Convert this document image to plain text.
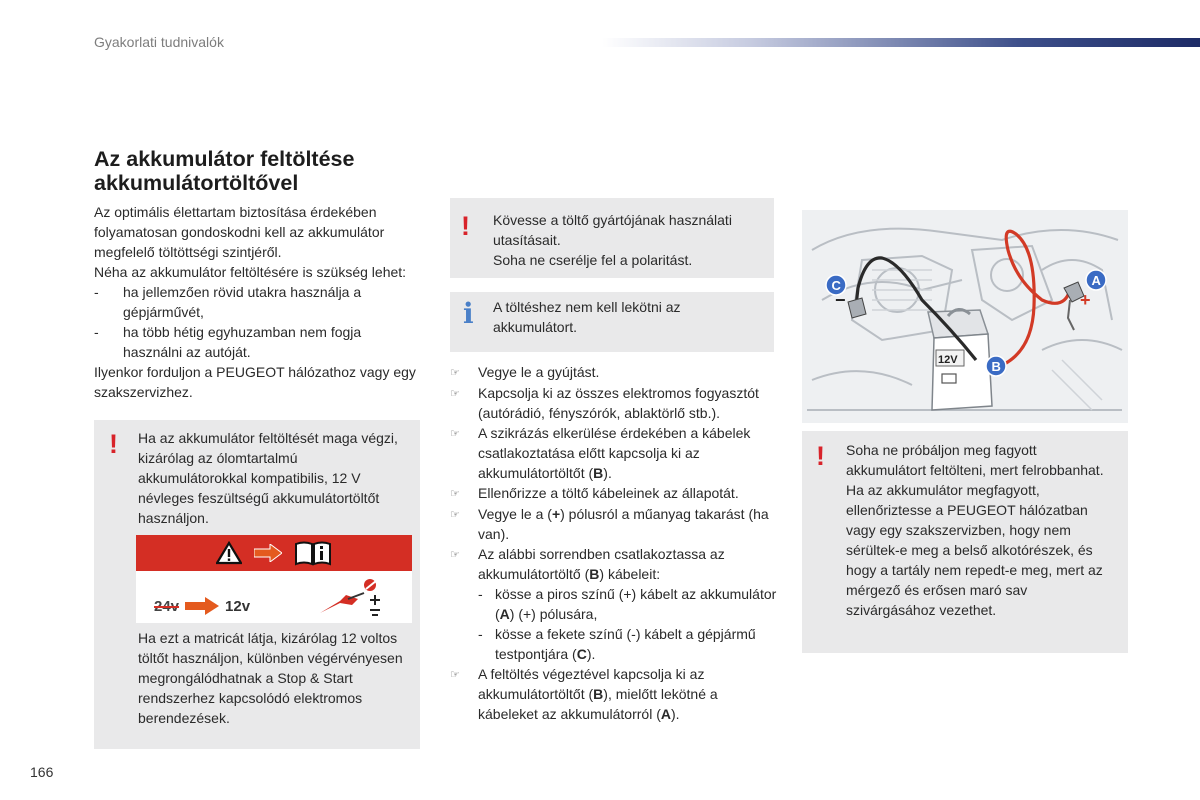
Gyakorlati tudnivalók
Az akkumulátor feltöltése akkumulátortöltővel

Az optimális élettartam biztosítása érdekében folyamatosan gondoskodni kell az akkumulátor megfelelő töltöttségi szintjéről.

Néha az akkumulátor feltöltésére is szükség lehet:

-	ha jellemzően rövid utakra használja a gépjárművét,
-	ha több hétig egyhuzamban nem fogja használni az autóját.

Ilyenkor forduljon a PEUGEOT hálózathoz vagy egy szakszervizhez.

! Ha az akkumulátor feltöltését maga végzi, kizárólag az ólomtartalmú akkumulátorokkal kompatibilis, 12 V névleges feszültségű akkumulátortöltőt használjon.
24v	12v
Ha ezt a matricát látja, kizárólag 12 voltos töltőt használjon, különben végérvényesen megrongálódhatnak a Stop & Start rendszerhez kapcsolódó elektromos berendezések.
! Kövesse a töltő gyártójának használati utasításait.
Soha ne cserélje fel a polaritást.
i A töltéshez nem kell lekötni az akkumulátort.
☞	Vegye le a gyújtást.
☞	Kapcsolja ki az összes elektromos fogyasztót (autórádió, fényszórók, ablaktörlő stb.).
☞	A szikrázás elkerülése érdekében a kábelek csatlakoztatása előtt kapcsolja ki az akkumulátortöltőt (B).
☞	Ellenőrizze a töltő kábeleinek az állapotát.
☞	Vegye le a (+) pólusról a műanyag takarást (ha van).
☞	Az alábbi sorrendben csatlakoztassa az akkumulátortöltő (B) kábeleit:
- kösse a piros színű (+) kábelt az akkumulátor (A) (+) pólusára,
- kösse a fekete színű (-) kábelt a gépjármű testpontjára (C).
☞	A feltöltés végeztével kapcsolja ki az akkumulátortöltőt (B), mielőtt lekötné a kábeleket az akkumulátorról (A).
12V
A
+
C
−
B
! Soha ne próbáljon meg fagyott akkumulátort feltölteni, mert felrobbanhat.
Ha az akkumulátor megfagyott, ellenőriztesse a PEUGEOT hálózatban vagy egy szakszervizben, hogy nem sérültek-e meg a belső alkotórészek, és hogy a tartály nem repedt-e meg, mert az mérgező és erősen maró sav szivárgásához vezethet.
166
